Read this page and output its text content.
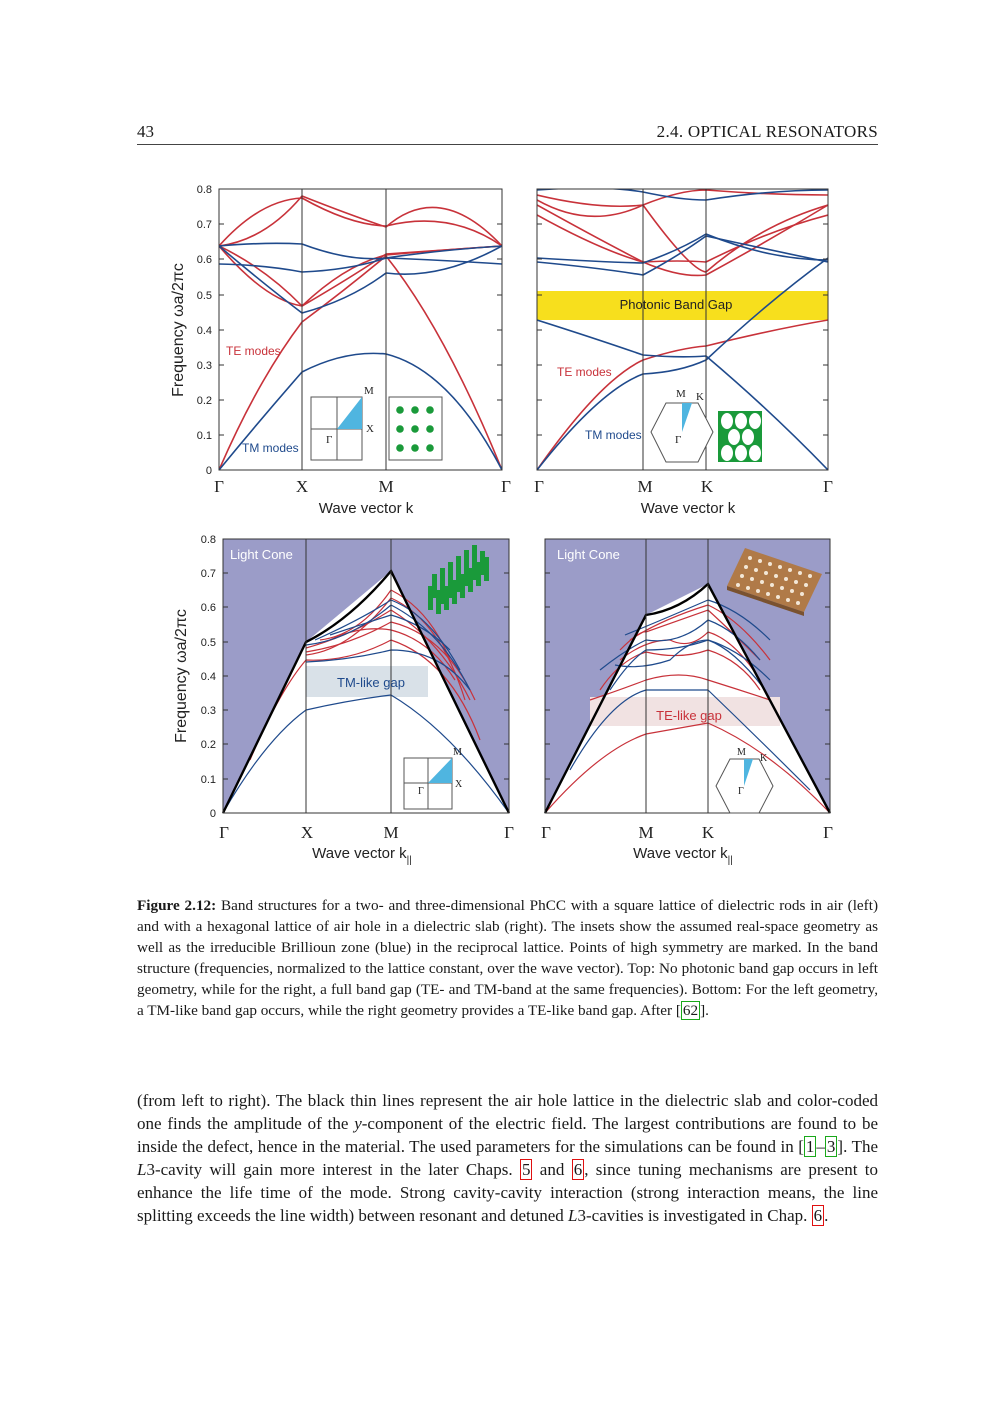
43	2.4. OPTICAL RESONATORS
0
0.1
0.2
0.3
0.4
0.5
0.6
0.7
0.8
Frequency ωa/2πc
Γ	X	M	Γ
Wave vector k
TE modes
TM modes
M
X
Γ
Photonic Band Gap
TE modes
TM modes
Γ	M	K	Γ
Wave vector k
M K
Γ
0
0.1
0.2
0.3
0.4
0.5
0.6
0.7
0.8
Frequency ωa/2πc
Light Cone
TM-like gap
M
X
Γ
Γ	X	M	Γ
Wave vector $k_{||}$
Light Cone
TE-like gap
M
K
Γ
Γ	M	K	Γ
Wave vector $k_{||}$
Figure 2.12: Band structures for a two- and three-dimensional PhCC with a square lattice of dielectric rods in air (left) and with a hexagonal lattice of air hole in a dielectric slab (right). The insets show the assumed real-space geometry as well as the irreducible Brillioun zone (blue) in the reciprocal lattice. Points of high symmetry are marked. In the band structure (frequencies, normalized to the lattice constant, over the wave vector). Top: No photonic band gap occurs in left geometry, while for the right, a full band gap (TE- and TM-band at the same frequencies). Bottom: For the left geometry, a TM-like band gap occurs, while the right geometry provides a TE-like band gap. After [ 62 ].
(from left to right). The black thin lines represent the air hole lattice in the dielectric slab and color-coded one finds the amplitude of the y-component of the electric field. The largest contributions are found to be inside the defect, hence in the material. The used parameters for the simulations can be found in [ 1 – 3 ]. The L3-cavity will gain more interest in the later Chaps. 5 and 6 , since tuning mechanisms are present to enhance the life time of the mode. Strong cavity-cavity interaction (strong interaction means, the line splitting exceeds the line width) between resonant and detuned L3-cavities is investigated in Chap. 6 .
